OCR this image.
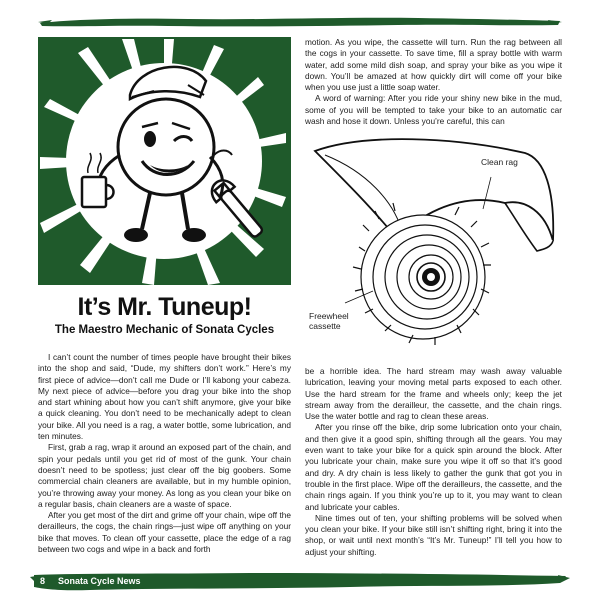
It’s Mr. Tuneup!
The Maestro Mechanic of Sonata Cycles

I can’t count the number of times people have brought their bikes into the shop and said, “Dude, my shifters don’t work.” Here’s my first piece of advice—don’t call me Dude or I’ll kabong your cabeza. My next piece of advice—before you drag your bike into the shop and start whining about how you can’t shift anymore, give your bike a quick cleaning. You don’t need to be mechanically adept to clean your bike. All you need is a rag, a water bottle, some lubrication, and ten minutes.

First, grab a rag, wrap it around an exposed part of the chain, and spin your pedals until you get rid of most of the gunk. Your chain doesn’t need to be spotless; just clear off the big goobers. Some commercial chain cleaners are available, but in my humble opinion, you’re throwing away your money. As long as you clean your bike on a regular basis, chain cleaners are a waste of space.

After you get most of the dirt and grime off your chain, wipe off the derailleurs, the cogs, the chain rings—just wipe off anything on your bike that moves. To clean off your cassette, place the edge of a rag between two cogs and wipe in a back and forth

motion. As you wipe, the cassette will turn. Run the rag between all the cogs in your cassette. To save time, fill a spray bottle with warm water, add some mild dish soap, and spray your bike as you wipe it down. You’ll be amazed at how quickly dirt will come off your bike when you use just a little soap water.

A word of warning: After you ride your shiny new bike in the mud, some of you will be tempted to take your bike to an automatic car wash and hose it down. Unless you’re careful, this can

Clean rag
Freewheel cassette

be a horrible idea. The hard stream may wash away valuable lubrication, leaving your moving metal parts exposed to each other. Use the hard stream for the frame and wheels only; keep the jet stream away from the derailleur, the cassette, and the chain rings. Use the water bottle and rag to clean these areas.

After you rinse off the bike, drip some lubrication onto your chain, and then give it a good spin, shifting through all the gears. You may even want to take your bike for a quick spin around the block. After you lubricate your chain, make sure you wipe it off so that it’s good and dry. A dry chain is less likely to gather the gunk that got you in trouble in the first place. Wipe off the derailleurs, the cassette, and the chain rings again. If you think you’re up to it, you may want to clean and lubricate your cables.

Nine times out of ten, your shifting problems will be solved when you clean your bike. If your bike still isn’t shifting right, bring it into the shop, or wait until next month’s “It’s Mr. Tuneup!” I’ll tell you how to adjust your shifting.

8 Sonata Cycle News
